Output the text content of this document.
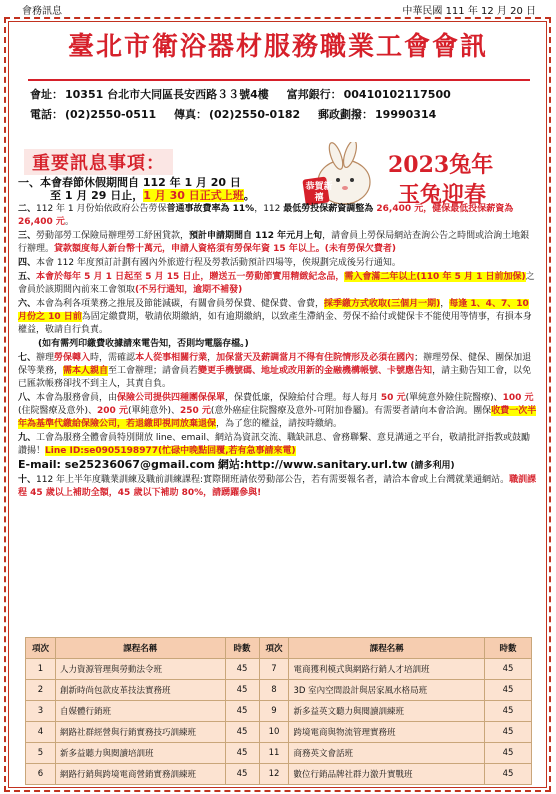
會務訊息	中華民國 111 年 12 月 20 日
臺北市衛浴器材服務職業工會會訊
會址： 10351 台北市大同區長安西路３３號4樓 富邦銀行： 00410102117500
電話： (02)2550-0511 傳真： (02)2550-0182 郵政劃撥： 19990314
重要訊息事項：
恭賀新禧
2023兔年
玉兔迎春
一、本會春節休假期間自 112 年 1 月 20 日
至 1 月 29 日止，1 月 30 日正式上班。
二、112 年 1 月份始依政府公告勞保普通事故費率為 11%，112 最低勞投保薪資調整為 26,400 元，健保最低投保薪資為 26,400 元。
三、勞動部勞工保險局辦理勞工紓困貸款，預計申請期間自 112 年元月上旬，請會員上勞保局網站查詢公告之時間或洽詢土地銀行辦理。貸款額度每人新台幣十萬元，申請人資格須有勞保年資 15 年以上。(未有勞保欠費者)
四、本會 112 年度預訂計劃有國內外旅遊行程及勞教活動預計四場等，俟規劃完成後另行通知。
五、本會於每年 5 月 1 日起至 5 月 15 日止，贈送五一勞動節實用精緻紀念品，需入會滿二年以上(110 年 5 月 1 日前加保)之會員於該期間內前來工會領取(不另行通知，逾期不補發)
六、本會為利各項業務之推展及節能減碳，有關會員勞保費、健保費、會費，採季繳方式收取(三個月一期)，每逢 1、4、7、10 月份之 10 日前為固定繳費期，敬請依期繳納，如有逾期繳納，以致產生滯納金、勞保不給付或健保卡不能使用等情事，有損本身權益，敬請自行負責。
(如有需列印繳費收據請來電告知，否則均電腦存檔。)
七、辦理勞保轉入時，需確認本人從事相關行業，加保當天及薪調當月不得有住院情形及必須在國內；辦理勞保、健保、團保加退保等業務，需本人親自至工會辦理；請會員若變更手機號碼、地址或改用新的金融機構帳號、卡號應告知，請主動告知工會，以免已匯款帳務卻找不到主人，其責自負。
八、本會為服務會員，由保險公司提供四種團保保單，保費低廉，保險給付合理。每人每月 50 元(單純意外險住院醫療)、100 元(住院醫療及意外)、200 元(單純意外)、250 元(意外癌症住院醫療及意外-可附加眷屬)。有需要者請向本會洽詢。團保收費一次半年為基準代繳給保險公司，若退繳即視同放棄退保，為了您的權益，請按時繳納。
九、工會為服務全體會員特別開放 line、email、網站為資訊交流、職缺訊息、會務聯繫、意見溝通之平台，敬請批評指教或鼓勵讚揚！Line ID:se0905198977(忙碌中晚點回覆,若有急事請來電)
E-mail: se25236067@gmail.com 網站:http://www.sanitary.url.tw (請多利用)
十、112 年上半年度職業訓練及職前訓練課程:實際開班請依勞動部公告，若有需要報名者，請洽本會或上台灣就業通網站。職訓課程 45 歲以上補助全額，45 歲以下補助 80%，請踴躍參與!
項次	課程名稱	時數	項次	課程名稱	時數
1	人力資源管理與勞動法令班	45	7	電商獲利模式與網路行銷人才培訓班	45
2	創新時尚包款皮革技法實務班	45	8	3D 室內空間設計與居家風水格局班	45
3	自媒體行銷班	45	9	新多益英文聽力與閱讀訓練班	45
4	網路社群經營與行銷實務技巧訓練班	45	10	跨境電商與物流管理實務班	45
5	新多益聽力與閱讀培訓班	45	11	商務英文會話班	45
6	網路行銷與跨境電商營銷實務訓練班	45	12	數位行銷品牌社群力激升實戰班	45
